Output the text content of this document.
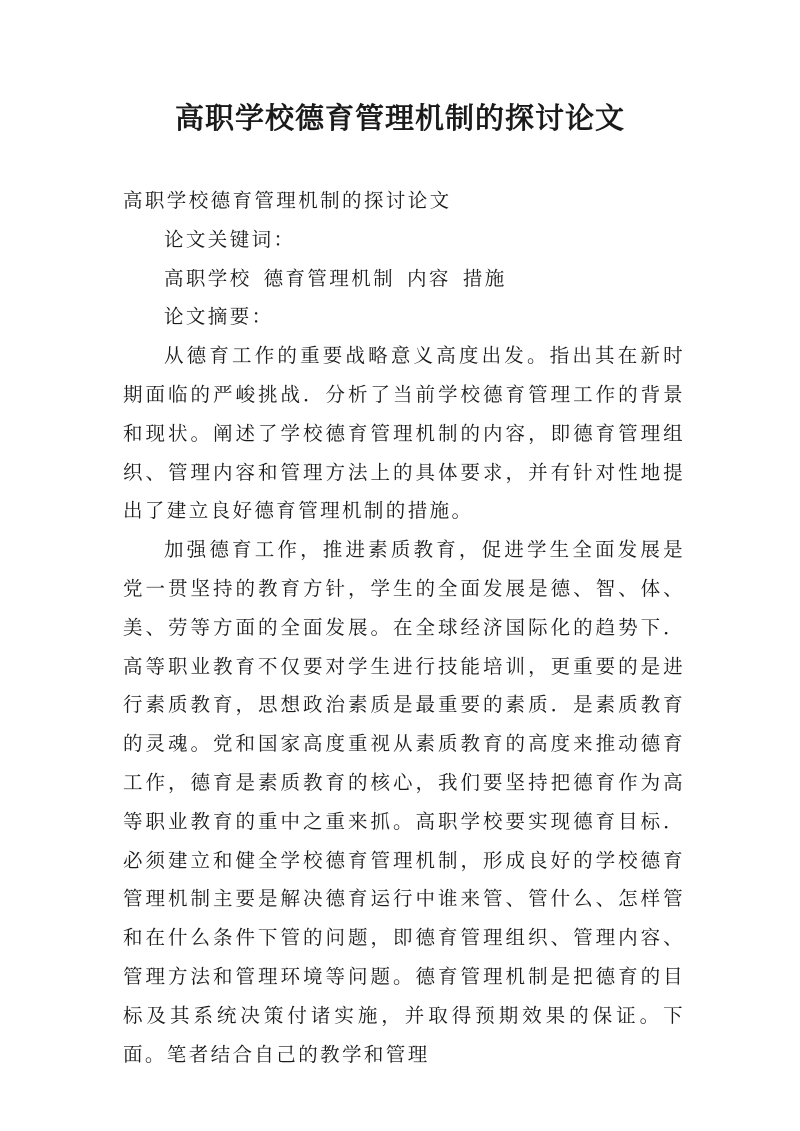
高职学校德育管理机制的探讨论文

高职学校德育管理机制的探讨论文

论文关键词：

高职学校 德育管理机制 内容 措施

论文摘要：

从德育工作的重要战略意义高度出发。指出其在新时期面临的严峻挑战．分析了当前学校德育管理工作的背景和现状。阐述了学校德育管理机制的内容，即德育管理组织、管理内容和管理方法上的具体要求，并有针对性地提出了建立良好德育管理机制的措施。

加强德育工作，推进素质教育，促进学生全面发展是党一贯坚持的教育方针，学生的全面发展是德、智、体、美、劳等方面的全面发展。在全球经济国际化的趋势下．高等职业教育不仅要对学生进行技能培训，更重要的是进行素质教育，思想政治素质是最重要的素质．是素质教育的灵魂。党和国家高度重视从素质教育的高度来推动德育工作，德育是素质教育的核心，我们要坚持把德育作为高等职业教育的重中之重来抓。高职学校要实现德育目标．必须建立和健全学校德育管理机制，形成良好的学校德育管理机制主要是解决德育运行中谁来管、管什么、怎样管和在什么条件下管的问题，即德育管理组织、管理内容、管理方法和管理环境等问题。德育管理机制是把德育的目标及其系统决策付诸实施，并取得预期效果的保证。下面。笔者结合自己的教学和管理
